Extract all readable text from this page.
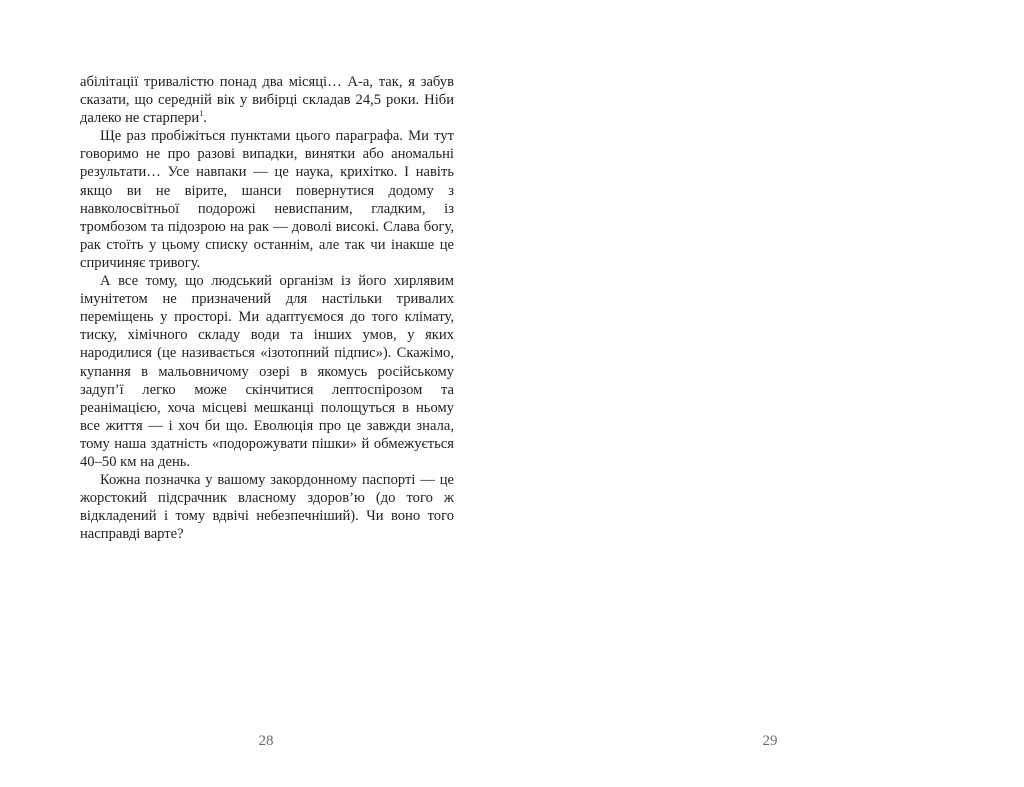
абілітації тривалістю понад два місяці… А-а, так, я забув сказати, що середній вік у вибірці складав 24,5 роки. Ніби далеко не старпери$^1$.

Ще раз пробіжіться пунктами цього параграфа. Ми тут говоримо не про разові випадки, винятки або аномальні результати… Усе навпаки — це наука, крихітко. І навіть якщо ви не вірите, шанси повернутися додому з навколосвітньої подорожі невиспаним, гладким, із тромбозом та підозрою на рак — доволі високі. Слава богу, рак стоїть у цьому списку останнім, але так чи інакше це спричиняє тривогу.

А все тому, що людський організм із його хирлявим імунітетом не призначений для настільки тривалих переміщень у просторі. Ми адаптуємося до того клімату, тиску, хімічного складу води та інших умов, у яких народилися (це називається «ізотопний підпис»). Скажімо, купання в мальовничому озері в якомусь російському задуп’ї легко може скінчитися лептоспірозом та реанімацією, хоча місцеві мешканці полощуться в ньому все життя — і хоч би що. Еволюція про це завжди знала, тому наша здатність «подорожувати пішки» й обмежується 40–50 км на день.

Кожна позначка у вашому закордонному паспорті — це жорстокий підсрачник власному здоров’ю (до того ж відкладений і тому вдвічі небезпечніший). Чи воно того насправді варте?

28	29
